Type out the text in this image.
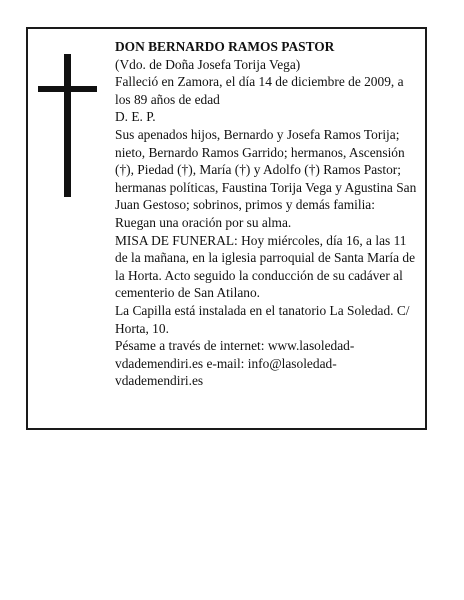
DON BERNARDO RAMOS PASTOR

(Vdo. de Doña Josefa Torija Vega)

Falleció en Zamora, el día 14 de diciembre de 2009, a los 89 años de edad

D. E. P.

Sus apenados hijos, Bernardo y Josefa Ramos Torija; nieto, Bernardo Ramos Garrido; hermanos, Ascensión (†), Piedad (†), María (†) y Adolfo (†) Ramos Pastor; hermanas políticas, Faustina Torija Vega y Agustina San Juan Gestoso; sobrinos, primos y demás familia:

Ruegan una oración por su alma.

MISA DE FUNERAL: Hoy miércoles, día 16, a las 11 de la mañana, en la iglesia parroquial de Santa María de la Horta. Acto seguido la conducción de su cadáver al cementerio de San Atilano.

La Capilla está instalada en el tanatorio La Soledad. C/ Horta, 10.

Pésame a través de internet: www.lasoledad-vdademendiri.es e-mail: info@lasoledad-vdademendiri.es
